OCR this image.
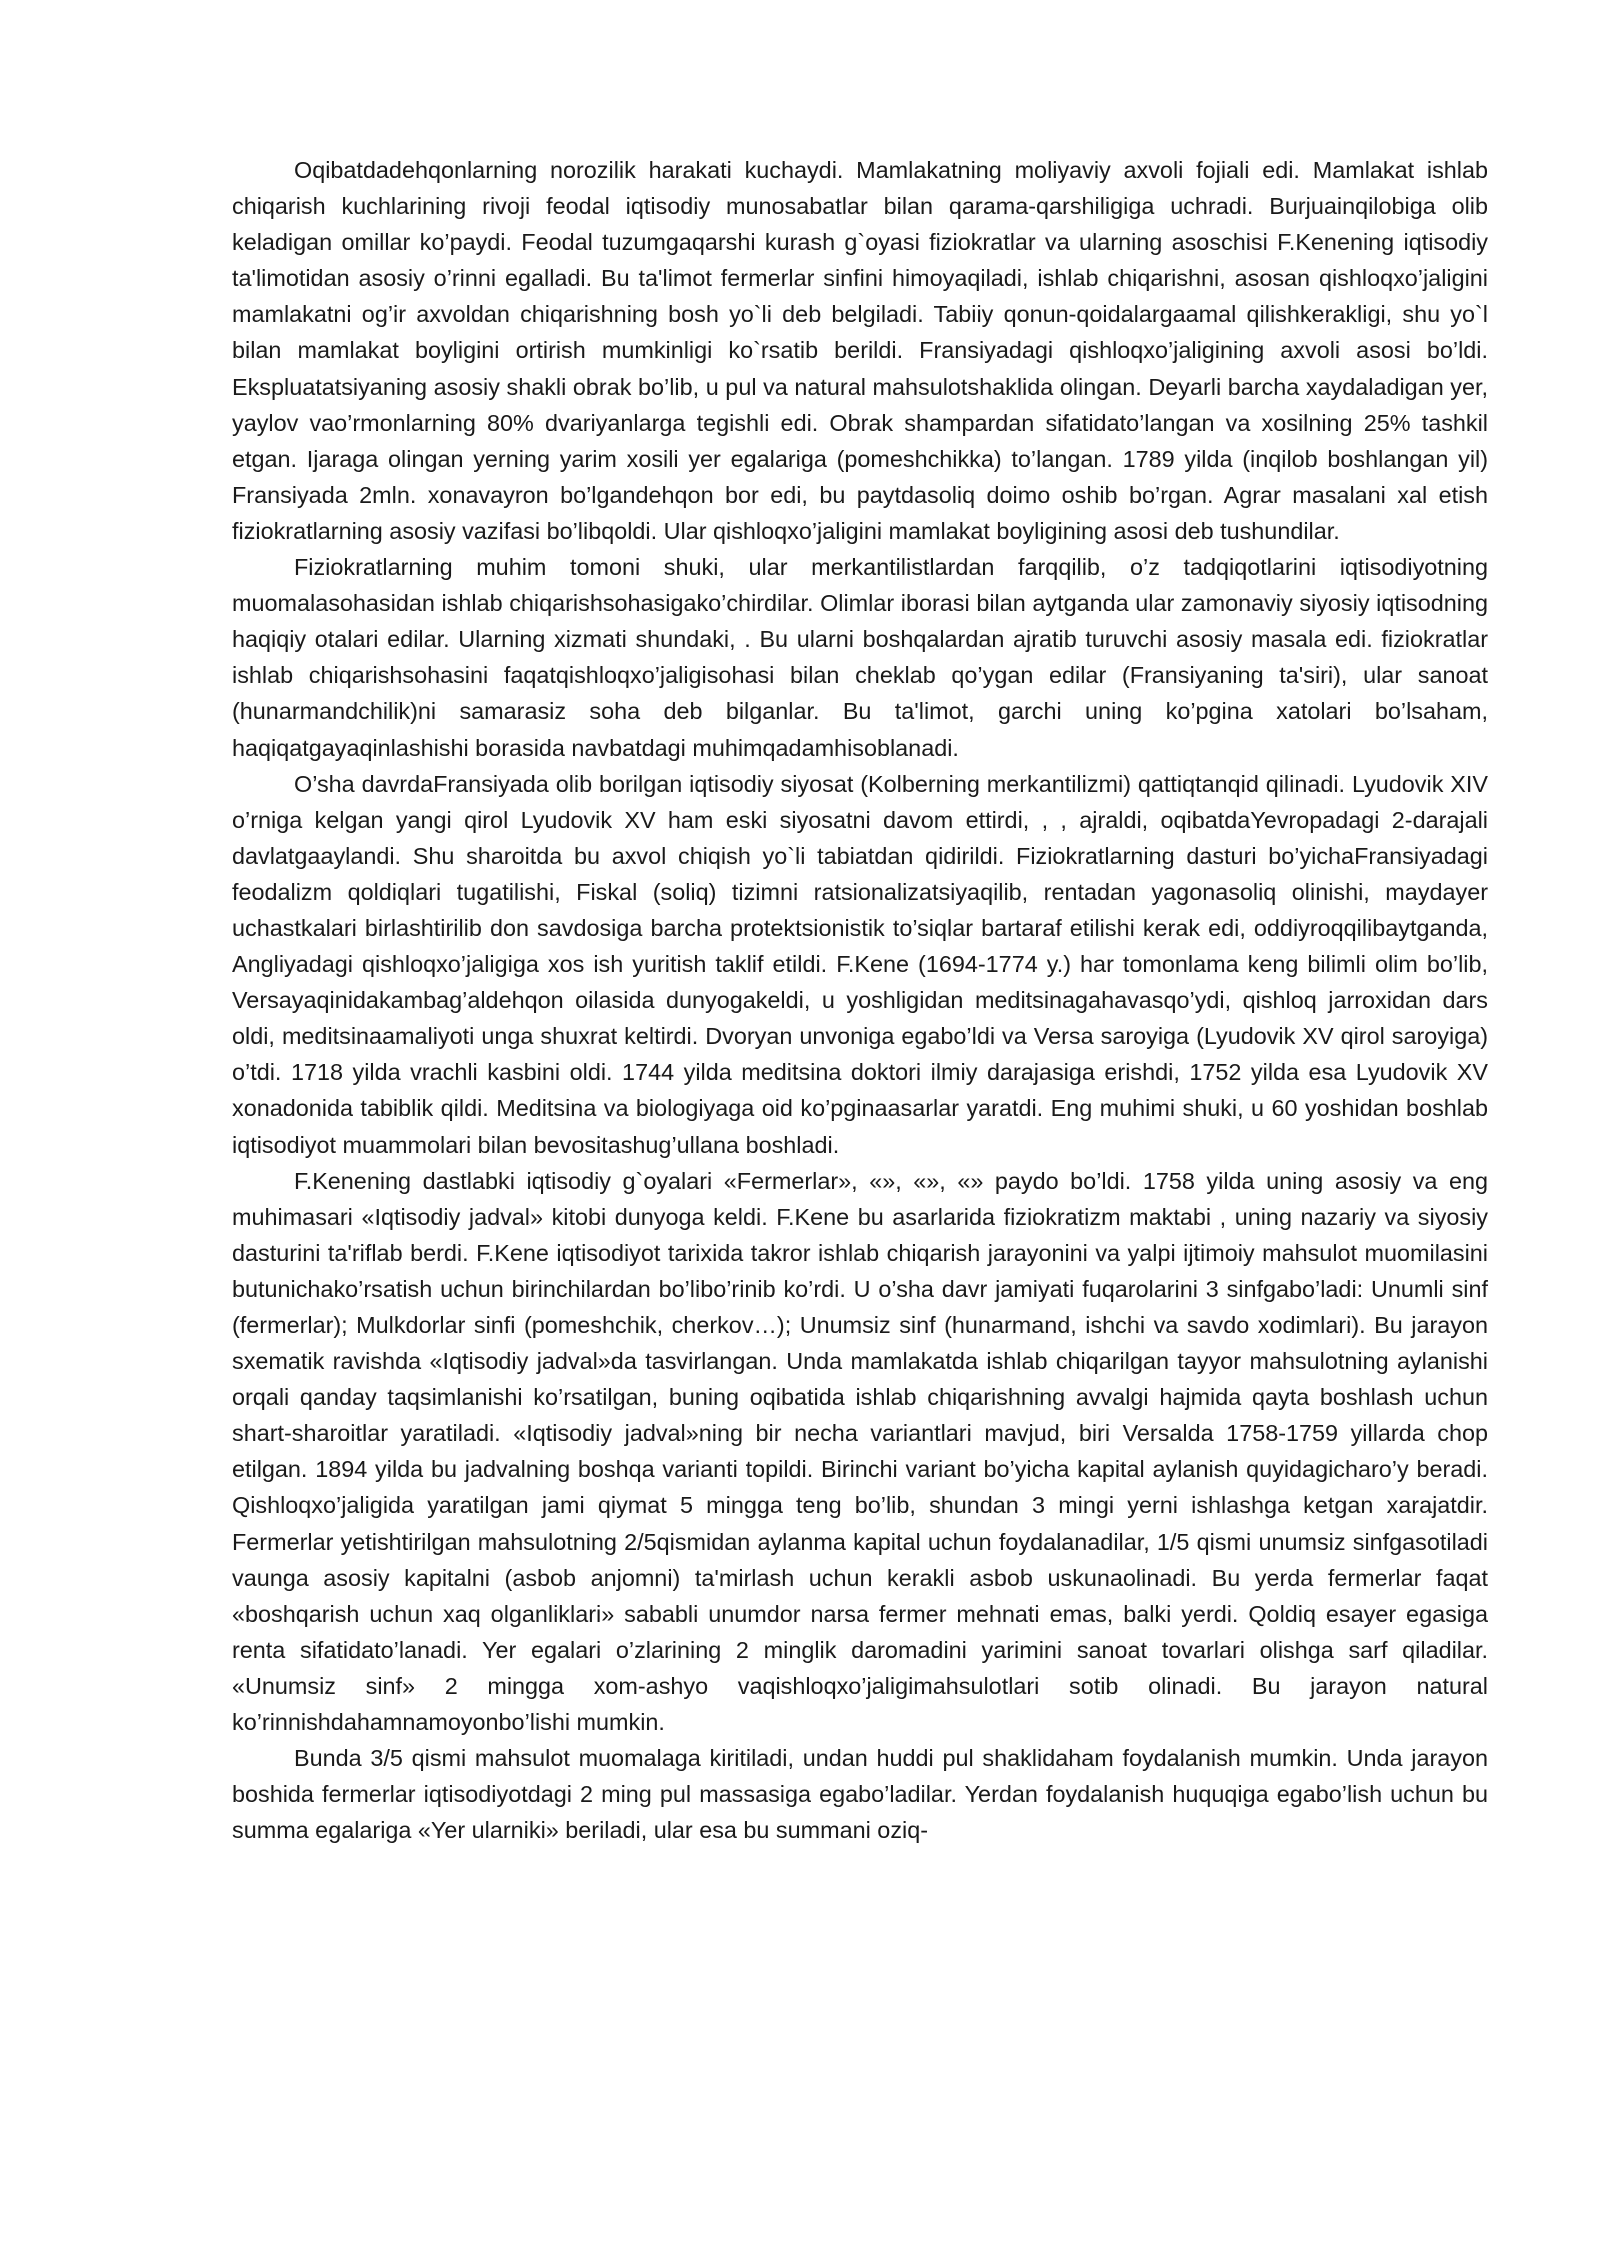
Oqibatdadehqonlarning norozilik harakati kuchaydi. Mamlakatning moliyaviy axvoli fojiali edi. Mamlakat ishlab chiqarish kuchlarining rivoji feodal iqtisodiy munosabatlar bilan qarama-qarshiligiga uchradi. Burjuainqilobiga olib keladigan omillar ko’paydi. Feodal tuzumgaqarshi kurash g`oyasi fiziokratlar va ularning asoschisi F.Kenening iqtisodiy ta'limotidan asosiy o’rinni egalladi. Bu ta'limot fermerlar sinfini himoyaqiladi, ishlab chiqarishni, asosan qishloqxo’jaligini mamlakatni og’ir axvoldan chiqarishning bosh yo`li deb belgiladi. Tabiiy qonun-qoidalargaamal qilishkerakligi, shu yo`l bilan mamlakat boyligini ortirish mumkinligi ko`rsatib berildi. Fransiyadagi qishloqxo’jaligining axvoli asosi bo’ldi. Ekspluatatsiyaning asosiy shakli obrak bo’lib, u pul va natural mahsulotshaklida olingan. Deyarli barcha xaydaladigan yer, yaylov vao’rmonlarning 80% dvariyanlarga tegishli edi. Obrak shampardan sifatidato’langan va xosilning 25% tashkil etgan. Ijaraga olingan yerning yarim xosili yer egalariga (pomeshchikka) to’langan. 1789 yilda (inqilob boshlangan yil) Fransiyada 2mln. xonavayron bo’lgandehqon bor edi, bu paytdasoliq doimo oshib bo’rgan. Agrar masalani xal etish fiziokratlarning asosiy vazifasi bo’libqoldi. Ular qishloqxo’jaligini mamlakat boyligining asosi deb tushundilar.

Fiziokratlarning muhim tomoni shuki, ular merkantilistlardan farqqilib, o’z tadqiqotlarini iqtisodiyotning muomalasohasidan ishlab chiqarishsohasigako’chirdilar. Olimlar iborasi bilan aytganda ular zamonaviy siyosiy iqtisodning haqiqiy otalari edilar. Ularning xizmati shundaki, . Bu ularni boshqalardan ajratib turuvchi asosiy masala edi. fiziokratlar ishlab chiqarishsohasini faqatqishloqxo’jaligisohasi bilan cheklab qo’ygan edilar (Fransiyaning ta'siri), ular sanoat (hunarmandchilik)ni samarasiz soha deb bilganlar. Bu ta'limot, garchi uning ko’pgina xatolari bo’lsaham, haqiqatgayaqinlashishi borasida navbatdagi muhimqadamhisoblanadi.

O’sha davrdaFransiyada olib borilgan iqtisodiy siyosat (Kolberning merkantilizmi) qattiqtanqid qilinadi. Lyudovik XIV o’rniga kelgan yangi qirol Lyudovik XV ham eski siyosatni davom ettirdi, , , ajraldi, oqibatdaYevropadagi 2-darajali davlatgaaylandi. Shu sharoitda bu axvol chiqish yo`li tabiatdan qidirildi. Fiziokratlarning dasturi bo’yichaFransiyadagi feodalizm qoldiqlari tugatilishi, Fiskal (soliq) tizimni ratsionalizatsiyaqilib, rentadan yagonasoliq olinishi, maydayer uchastkalari birlashtirilib don savdosiga barcha protektsionistik to’siqlar bartaraf etilishi kerak edi, oddiyroqqilibaytganda, Angliyadagi qishloqxo’jaligiga xos ish yuritish taklif etildi. F.Kene (1694-1774 y.) har tomonlama keng bilimli olim bo’lib, Versayaqinidakambag’aldehqon oilasida dunyogakeldi, u yoshligidan meditsinagahavasqo’ydi, qishloq jarroxidan dars oldi, meditsinaamaliyoti unga shuxrat keltirdi. Dvoryan unvoniga egabo’ldi va Versa saroyiga (Lyudovik XV qirol saroyiga) o’tdi. 1718 yilda vrachli kasbini oldi. 1744 yilda meditsina doktori ilmiy darajasiga erishdi, 1752 yilda esa Lyudovik XV xonadonida tabiblik qildi. Meditsina va biologiyaga oid ko’pginaasarlar yaratdi. Eng muhimi shuki, u 60 yoshidan boshlab iqtisodiyot muammolari bilan bevositashug’ullana boshladi.

F.Kenening dastlabki iqtisodiy g`oyalari «Fermerlar», «», «», «» paydo bo’ldi. 1758 yilda uning asosiy va eng muhimasari «Iqtisodiy jadval» kitobi dunyoga keldi. F.Kene bu asarlarida fiziokratizm maktabi , uning nazariy va siyosiy dasturini ta'riflab berdi. F.Kene iqtisodiyot tarixida takror ishlab chiqarish jarayonini va yalpi ijtimoiy mahsulot muomilasini butunichako’rsatish uchun birinchilardan bo’libo’rinib ko’rdi. U o’sha davr jamiyati fuqarolarini 3 sinfgabo’ladi: Unumli sinf (fermerlar); Mulkdorlar sinfi (pomeshchik, cherkov…); Unumsiz sinf (hunarmand, ishchi va savdo xodimlari). Bu jarayon sxematik ravishda «Iqtisodiy jadval»da tasvirlangan. Unda mamlakatda ishlab chiqarilgan tayyor mahsulotning aylanishi orqali qanday taqsimlanishi ko’rsatilgan, buning oqibatida ishlab chiqarishning avvalgi hajmida qayta boshlash uchun shart-sharoitlar yaratiladi. «Iqtisodiy jadval»ning bir necha variantlari mavjud, biri Versalda 1758-1759 yillarda chop etilgan. 1894 yilda bu jadvalning boshqa varianti topildi. Birinchi variant bo’yicha kapital aylanish quyidagicharo’y beradi. Qishloqxo’jaligida yaratilgan jami qiymat 5 mingga teng bo’lib, shundan 3 mingi yerni ishlashga ketgan xarajatdir. Fermerlar yetishtirilgan mahsulotning 2/5qismidan aylanma kapital uchun foydalanadilar, 1/5 qismi unumsiz sinfgasotiladi vaunga asosiy kapitalni (asbob anjomni) ta'mirlash uchun kerakli asbob uskunaolinadi. Bu yerda fermerlar faqat «boshqarish uchun xaq olganliklari» sababli unumdor narsa fermer mehnati emas, balki yerdi. Qoldiq esayer egasiga renta sifatidato’lanadi. Yer egalari o’zlarining 2 minglik daromadini yarimini sanoat tovarlari olishga sarf qiladilar. «Unumsiz sinf» 2 mingga xom-ashyo vaqishloqxo’jaligimahsulotlari sotib olinadi. Bu jarayon natural ko’rinnishdahamnamoyonbo’lishi mumkin.

Bunda 3/5 qismi mahsulot muomalaga kiritiladi, undan huddi pul shaklidaham foydalanish mumkin. Unda jarayon boshida fermerlar iqtisodiyotdagi 2 ming pul massasiga egabo’ladilar. Yerdan foydalanish huquqiga egabo’lish uchun bu summa egalariga «Yer ularniki» beriladi, ular esa bu summani oziq-
